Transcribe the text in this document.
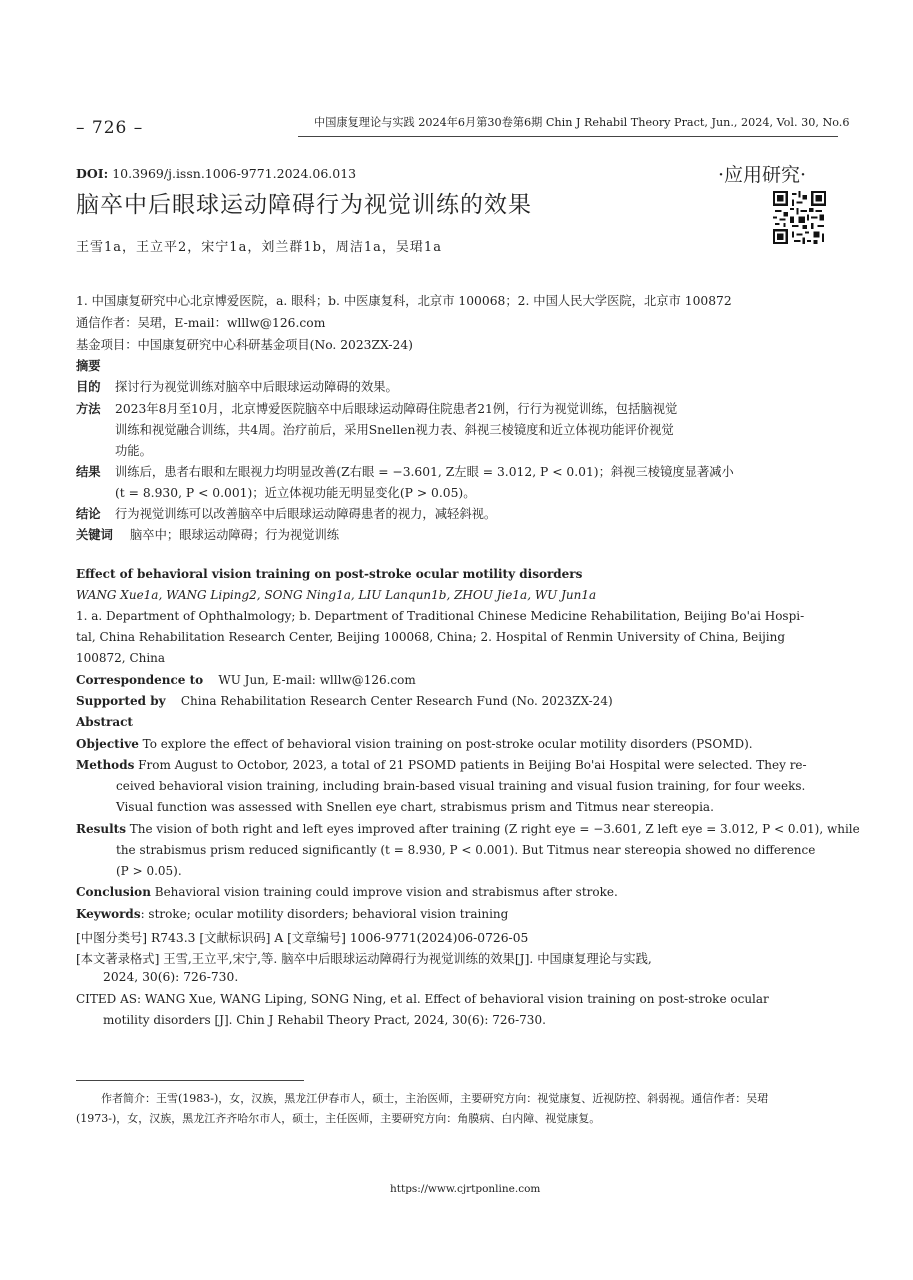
– 726 –	中国康复理论与实践 2024年6月第30卷第6期 Chin J Rehabil Theory Pract, Jun., 2024, Vol. 30, No.6
DOI: 10.3969/j.issn.1006-9771.2024.06.013	·应用研究·
脑卒中后眼球运动障碍行为视觉训练的效果
王雪1a，王立平2，宋宁1a，刘兰群1b，周洁1a，吴珺1a
1. 中国康复研究中心北京博爱医院，a. 眼科；b. 中医康复科，北京市 100068；2. 中国人民大学医院，北京市 100872
通信作者：吴珺，E-mail：wlllw@126.com
基金项目：中国康复研究中心科研基金项目(No. 2023ZX-24)
摘要
目的 探讨行为视觉训练对脑卒中后眼球运动障碍的效果。
方法 2023年8月至10月，北京博爱医院脑卒中后眼球运动障碍住院患者21例，行行为视觉训练，包括脑视觉
训练和视觉融合训练，共4周。治疗前后，采用Snellen视力表、斜视三棱镜度和近立体视功能评价视觉
功能。
结果 训练后，患者右眼和左眼视力均明显改善(Z右眼 = −3.601, Z左眼 = 3.012, P < 0.01)；斜视三棱镜度显著减小
(t = 8.930, P < 0.001)；近立体视功能无明显变化(P > 0.05)。
结论 行为视觉训练可以改善脑卒中后眼球运动障碍患者的视力，减轻斜视。
关键词 脑卒中；眼球运动障碍；行为视觉训练
Effect of behavioral vision training on post-stroke ocular motility disorders
WANG Xue1a, WANG Liping2, SONG Ning1a, LIU Lanqun1b, ZHOU Jie1a, WU Jun1a
1. a. Department of Ophthalmology; b. Department of Traditional Chinese Medicine Rehabilitation, Beijing Bo'ai Hospi-
tal, China Rehabilitation Research Center, Beijing 100068, China; 2. Hospital of Renmin University of China, Beijing
100872, China
Correspondence to WU Jun, E-mail: wlllw@126.com
Supported by China Rehabilitation Research Center Research Fund (No. 2023ZX-24)
Abstract
Objective To explore the effect of behavioral vision training on post-stroke ocular motility disorders (PSOMD).
Methods From August to Octobor, 2023, a total of 21 PSOMD patients in Beijing Bo'ai Hospital were selected. They re-
ceived behavioral vision training, including brain-based visual training and visual fusion training, for four weeks.
Visual function was assessed with Snellen eye chart, strabismus prism and Titmus near stereopia.
Results The vision of both right and left eyes improved after training (Z right eye = −3.601, Z left eye = 3.012, P < 0.01), while
the strabismus prism reduced significantly (t = 8.930, P < 0.001). But Titmus near stereopia showed no difference
(P > 0.05).
Conclusion Behavioral vision training could improve vision and strabismus after stroke.
Keywords: stroke; ocular motility disorders; behavioral vision training
[中图分类号] R743.3 [文献标识码] A [文章编号] 1006-9771(2024)06-0726-05
[本文著录格式] 王雪,王立平,宋宁,等. 脑卒中后眼球运动障碍行为视觉训练的效果[J]. 中国康复理论与实践,
2024, 30(6): 726-730.
CITED AS: WANG Xue, WANG Liping, SONG Ning, et al. Effect of behavioral vision training on post-stroke ocular
motility disorders [J]. Chin J Rehabil Theory Pract, 2024, 30(6): 726-730.
作者简介：王雪(1983-)，女，汉族，黑龙江伊春市人，硕士，主治医师，主要研究方向：视觉康复、近视防控、斜弱视。通信作者：吴珺
(1973-)，女，汉族，黑龙江齐齐哈尔市人，硕士，主任医师，主要研究方向：角膜病、白内障、视觉康复。
https://www.cjrtponline.com
